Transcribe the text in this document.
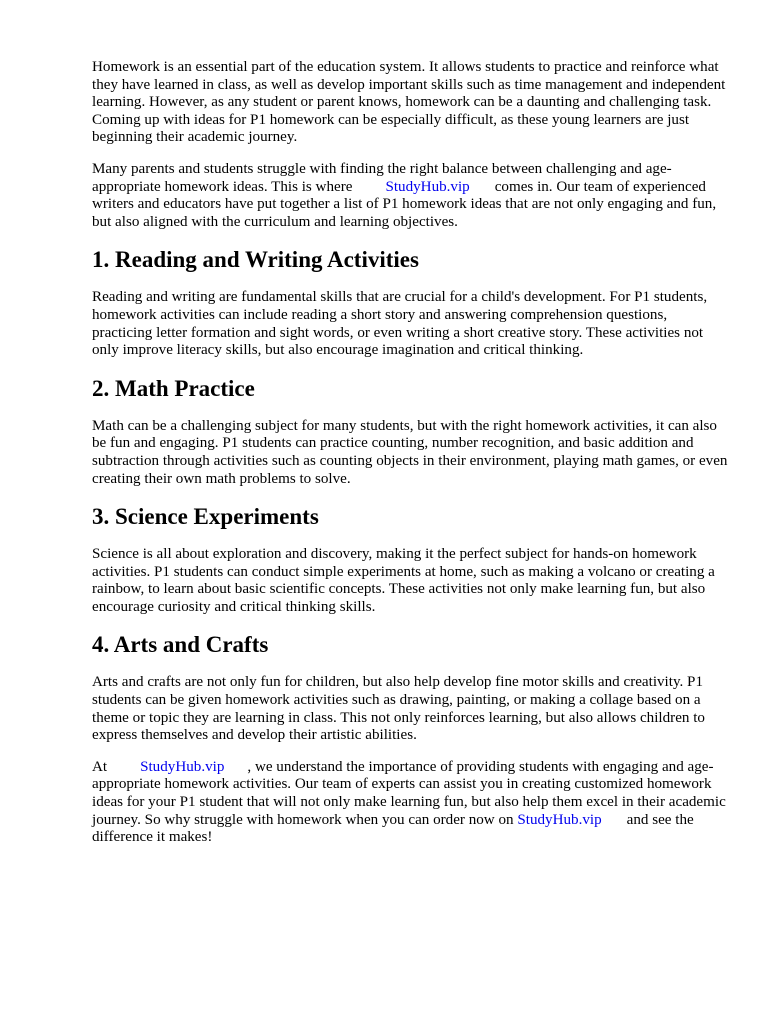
Homework is an essential part of the education system. It allows students to practice and reinforce what they have learned in class, as well as develop important skills such as time management and independent learning. However, as any student or parent knows, homework can be a daunting and challenging task. Coming up with ideas for P1 homework can be especially difficult, as these young learners are just beginning their academic journey.

Many parents and students struggle with finding the right balance between challenging and age-appropriate homework ideas. This is where StudyHub.vip comes in. Our team of experienced writers and educators have put together a list of P1 homework ideas that are not only engaging and fun, but also aligned with the curriculum and learning objectives.

1. Reading and Writing Activities

Reading and writing are fundamental skills that are crucial for a child's development. For P1 students, homework activities can include reading a short story and answering comprehension questions, practicing letter formation and sight words, or even writing a short creative story. These activities not only improve literacy skills, but also encourage imagination and critical thinking.

2. Math Practice

Math can be a challenging subject for many students, but with the right homework activities, it can also be fun and engaging. P1 students can practice counting, number recognition, and basic addition and subtraction through activities such as counting objects in their environment, playing math games, or even creating their own math problems to solve.

3. Science Experiments

Science is all about exploration and discovery, making it the perfect subject for hands-on homework activities. P1 students can conduct simple experiments at home, such as making a volcano or creating a rainbow, to learn about basic scientific concepts. These activities not only make learning fun, but also encourage curiosity and critical thinking skills.

4. Arts and Crafts

Arts and crafts are not only fun for children, but also help develop fine motor skills and creativity. P1 students can be given homework activities such as drawing, painting, or making a collage based on a theme or topic they are learning in class. This not only reinforces learning, but also allows children to express themselves and develop their artistic abilities.

At StudyHub.vip , we understand the importance of providing students with engaging and age-appropriate homework activities. Our team of experts can assist you in creating customized homework ideas for your P1 student that will not only make learning fun, but also help them excel in their academic journey. So why struggle with homework when you can order now on StudyHub.vip and see the difference it makes!
